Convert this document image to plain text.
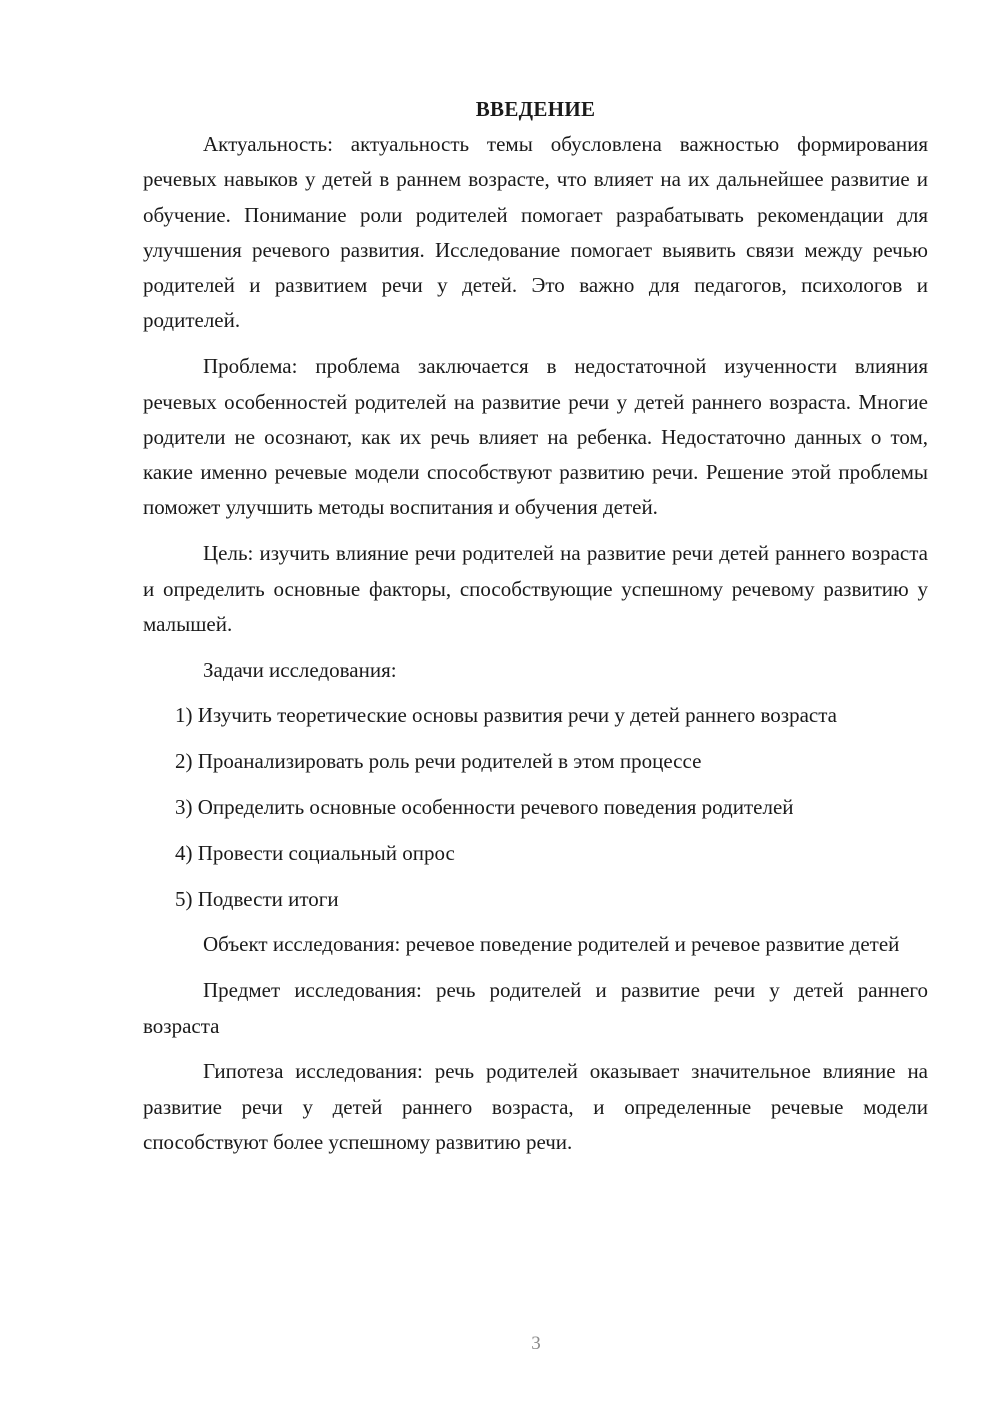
ВВЕДЕНИЕ

Актуальность: актуальность темы обусловлена важностью формирования речевых навыков у детей в раннем возрасте, что влияет на их дальнейшее развитие и обучение. Понимание роли родителей помогает разрабатывать рекомендации для улучшения речевого развития. Исследование помогает выявить связи между речью родителей и развитием речи у детей. Это важно для педагогов, психологов и родителей.

Проблема: проблема заключается в недостаточной изученности влияния речевых особенностей родителей на развитие речи у детей раннего возраста. Многие родители не осознают, как их речь влияет на ребенка. Недостаточно данных о том, какие именно речевые модели способствуют развитию речи. Решение этой проблемы поможет улучшить методы воспитания и обучения детей.

Цель: изучить влияние речи родителей на развитие речи детей раннего возраста и определить основные факторы, способствующие успешному речевому развитию у малышей.

Задачи исследования:

1) Изучить теоретические основы развития речи у детей раннего возраста

2) Проанализировать роль речи родителей в этом процессе

3) Определить основные особенности речевого поведения родителей

4) Провести социальный опрос

5) Подвести итоги

Объект исследования: речевое поведение родителей и речевое развитие детей

Предмет исследования: речь родителей и развитие речи у детей раннего возраста

Гипотеза исследования: речь родителей оказывает значительное влияние на развитие речи у детей раннего возраста, и определенные речевые модели способствуют более успешному развитию речи.

3
